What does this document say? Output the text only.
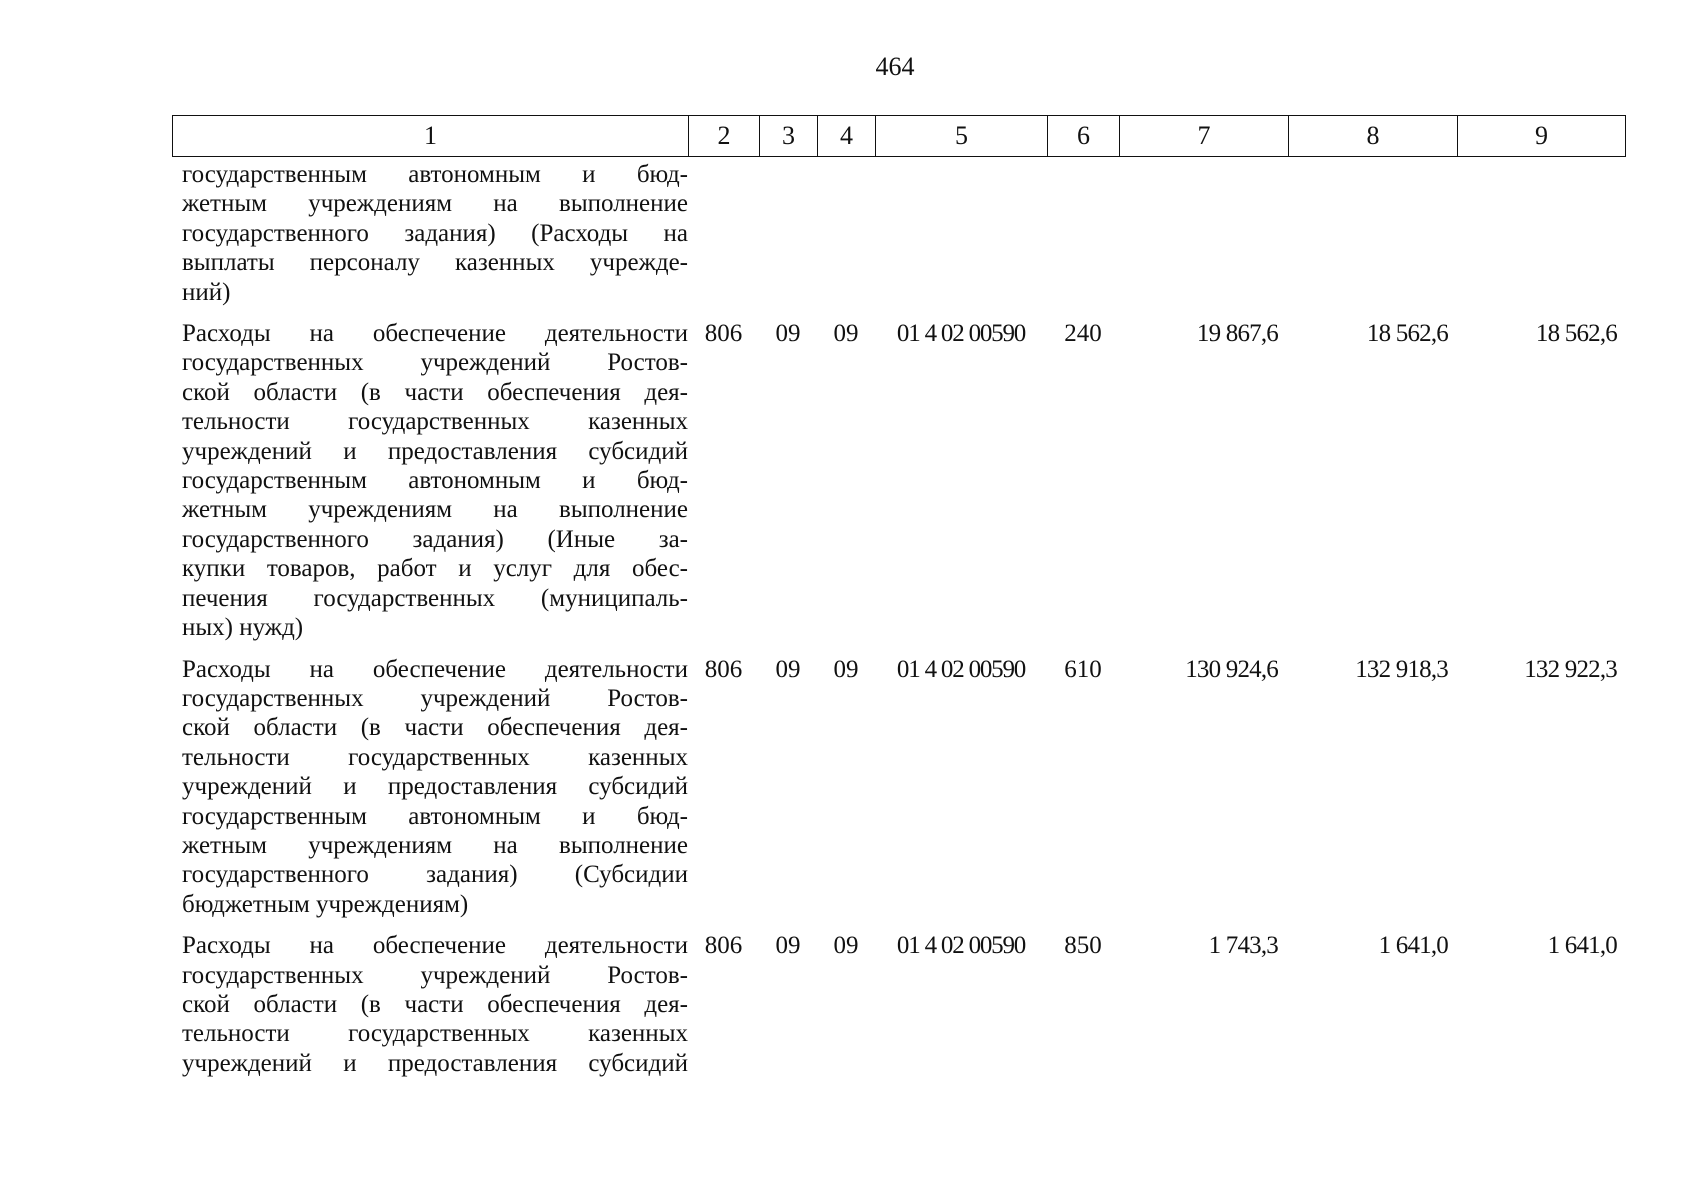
464
1	2	3	4	5	6	7	8	9
государственным автономным и бюд-
жетным учреждениям на выполнение
государственного задания) (Расходы на
выплаты персоналу казенных учрежде-
ний)
Расходы на обеспечение деятельности
государственных учреждений Ростов-
ской области (в части обеспечения дея-
тельности государственных казенных
учреждений и предоставления субсидий
государственным автономным и бюд-
жетным учреждениям на выполнение
государственного задания) (Иные за-
купки товаров, работ и услуг для обес-
печения государственных (муниципаль-
ных) нужд)
806	09	09	01 4 02 00590	240	19 867,6	18 562,6	18 562,6
Расходы на обеспечение деятельности
государственных учреждений Ростов-
ской области (в части обеспечения дея-
тельности государственных казенных
учреждений и предоставления субсидий
государственным автономным и бюд-
жетным учреждениям на выполнение
государственного задания) (Субсидии
бюджетным учреждениям)
806	09	09	01 4 02 00590	610	130 924,6	132 918,3	132 922,3
Расходы на обеспечение деятельности
государственных учреждений Ростов-
ской области (в части обеспечения дея-
тельности государственных казенных
учреждений и предоставления субсидий
806	09	09	01 4 02 00590	850	1 743,3	1 641,0	1 641,0
